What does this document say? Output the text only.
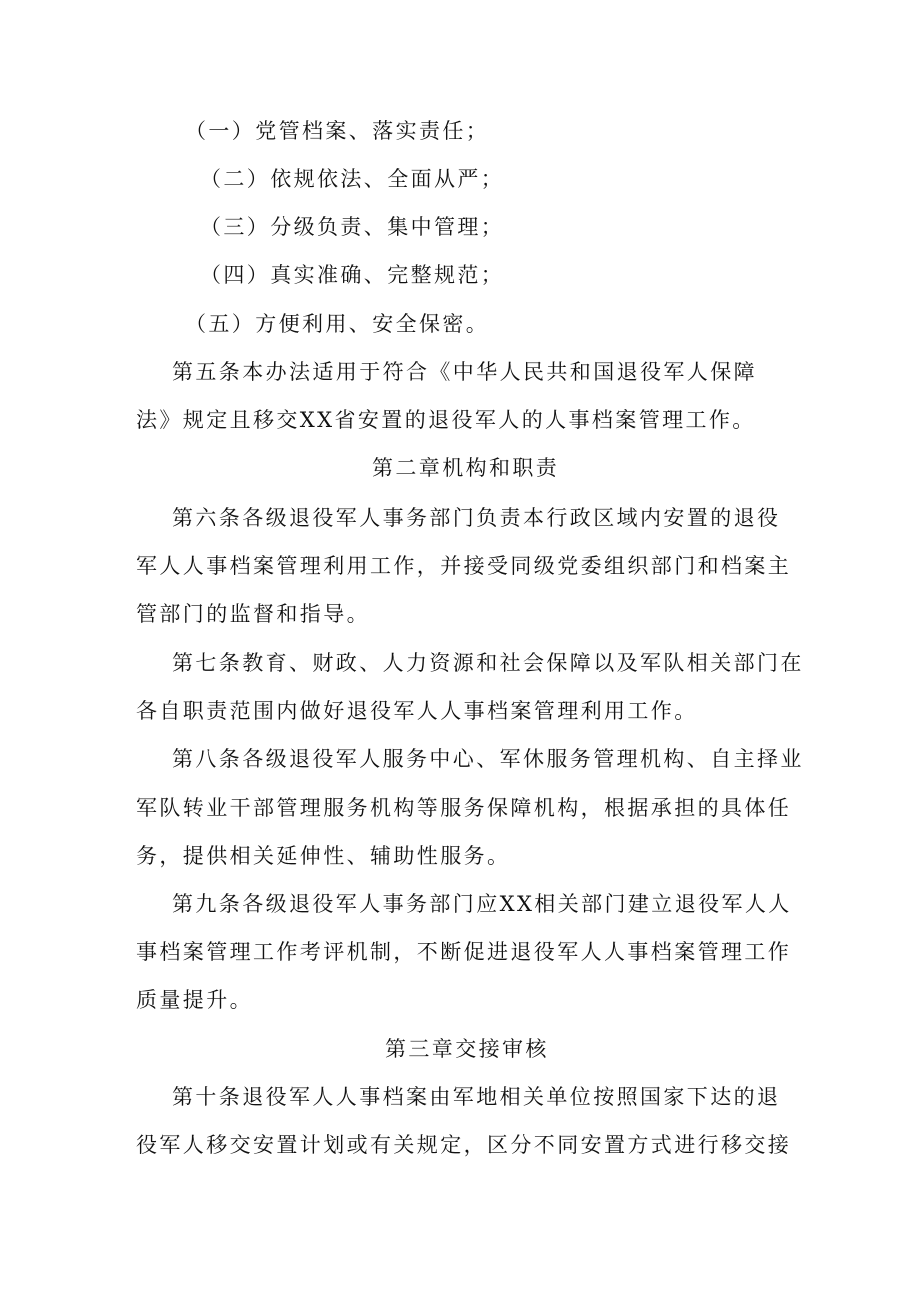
（一）党管档案、落实责任；

（二）依规依法、全面从严；

（三）分级负责、集中管理；

（四）真实准确、完整规范；

（五）方便利用、安全保密。

第五条本办法适用于符合《中华人民共和国退役军人保障

法》规定且移交XX省安置的退役军人的人事档案管理工作。

第二章机构和职责

第六条各级退役军人事务部门负责本行政区域内安置的退役

军人人事档案管理利用工作，并接受同级党委组织部门和档案主

管部门的监督和指导。

第七条教育、财政、人力资源和社会保障以及军队相关部门在

各自职责范围内做好退役军人人事档案管理利用工作。

第八条各级退役军人服务中心、军休服务管理机构、自主择业

军队转业干部管理服务机构等服务保障机构，根据承担的具体任

务，提供相关延伸性、辅助性服务。

第九条各级退役军人事务部门应XX相关部门建立退役军人人

事档案管理工作考评机制，不断促进退役军人人事档案管理工作

质量提升。

第三章交接审核

第十条退役军人人事档案由军地相关单位按照国家下达的退

役军人移交安置计划或有关规定，区分不同安置方式进行移交接
